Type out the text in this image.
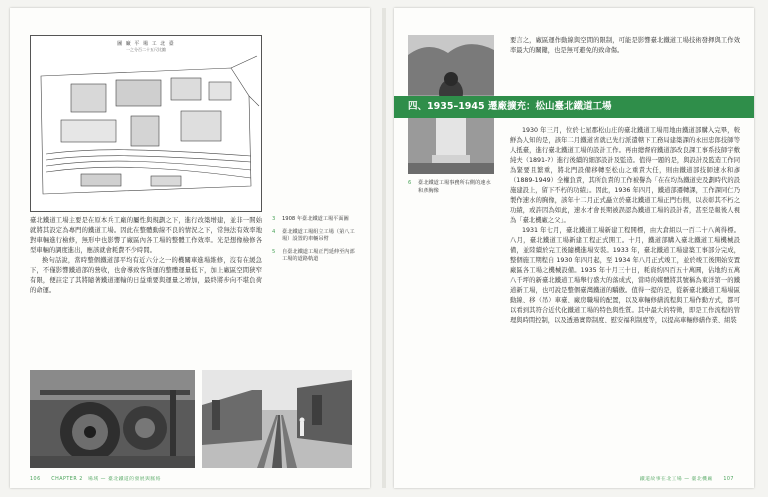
圖 廠 平 場 工 北 臺
一之分百二十五尺比縮

臺北鐵道工場主要是在原本兵工廠的屬性與規劃之下，進行改築增建，並非一開始就將其設定為專門的鐵道工場。因此在整體動線不良的情況之下，常無法有效率地對車輛進行檢修，無形中也影響了廠區內各工場的整體工作效率。光是想像檢修各型車輛的調度進出，應該就會耗費不少時間。

換句話說，當時整個鐵道部平均有近六分之一的機關車進場維修，沒有在緩急下，不僅影響鐵道部的營收，也會導致客貨運的整體運量低下，加上廠區空間狹窄有限，便註定了其將隨著鐵道運輸的日益重要與運量之增加，最終將步向不堪負荷的命運。

3	1908 年臺北鐵道工場平面圖
4	臺北鐵道工場組立工場（第八工場）設置的車輛吊臂
5	自臺北鐵道工場正門延伸至內部工場的道路軌道
106　　CHAPTER 2　場域 — 臺北鐵道的發展與脈絡
6	臺北鐵道工場事務所右側的速水和彥胸像
要言之，廠區運作動線與空間的限制，可能是影響臺北鐵道工場技術發揮與工作效率最大的關鍵，也是無可避免的致命傷。
四、1935–1945 遷廠擴充：松山臺北鐵道工場

1930 年三月，位於七星郡松山庄的臺北鐵道工場用地由鐵道部購入完畢，較鮮為人知的是，該年二月鐵道省就已先行派遣轄下工務局建築課的永田忠郎技師等人抵臺，進行臺北鐵道工場的設計工作。再由總督府鐵道部改良課工事系技師宇敷純夫（1891-?）進行後續的細部設計及監造。值得一題的是，與設計及監造工作同為緊要且繁重，將北門設備移轉至松山之重責大任，則由鐵道部技師速水和彥（1889-1949）全權負責，其所負責的工作被譽為「在在均為鐵道史及劃時代的設施建設上，留下不朽的功績」。因此，1936 年四月，鐵道部遷轉課，工作課同仁乃製作速水的胸像，該年十二月正式矗立於臺北鐵道工場正門右側，以表彰其不朽之功績，或許因為如此，速水才會長期被誤認為鐵道工場的設計者，甚至是報後人視為「臺北機廠之父」。

1931 年七月，臺北鐵道工場新建工程開標，由大倉組以一百二十八萬得標。八月，臺北鐵道工場新建工程正式開工。十月，鐵道部購入臺北鐵道工場機械設備，並陸續於完工後隨機進場安裝。1933 年，臺北鐵道工場建築工事部分完成，整個施工期程自 1930 年四月起，至 1934 年八月正式竣工，並於竣工後開始安置廠區各工場之機械設備。1935 年十月三十日，耗資約四百五十萬圓，佔地約五萬八千坪的新臺北鐵道工場舉行盛大的落成式，當時的媒體將其號稱為東洋第一的鐵道新工場，也可說是整個臺灣鐵道的驕傲。值得一提的是，從新臺北鐵道工場場區動線、移（吊）車臺、廠房職場的配置，以及車輛修繕流程與工場作動方式，都可以看到其符合近代化鐵道工場的特色與性質。其中最大的特徵，即是工作流程的管理與時間控制，以及透過實際制度、慰安福利制度等，以提高車輛修繕作業、組裝

鐵道故事在北工場 — 臺北機廠　　107
